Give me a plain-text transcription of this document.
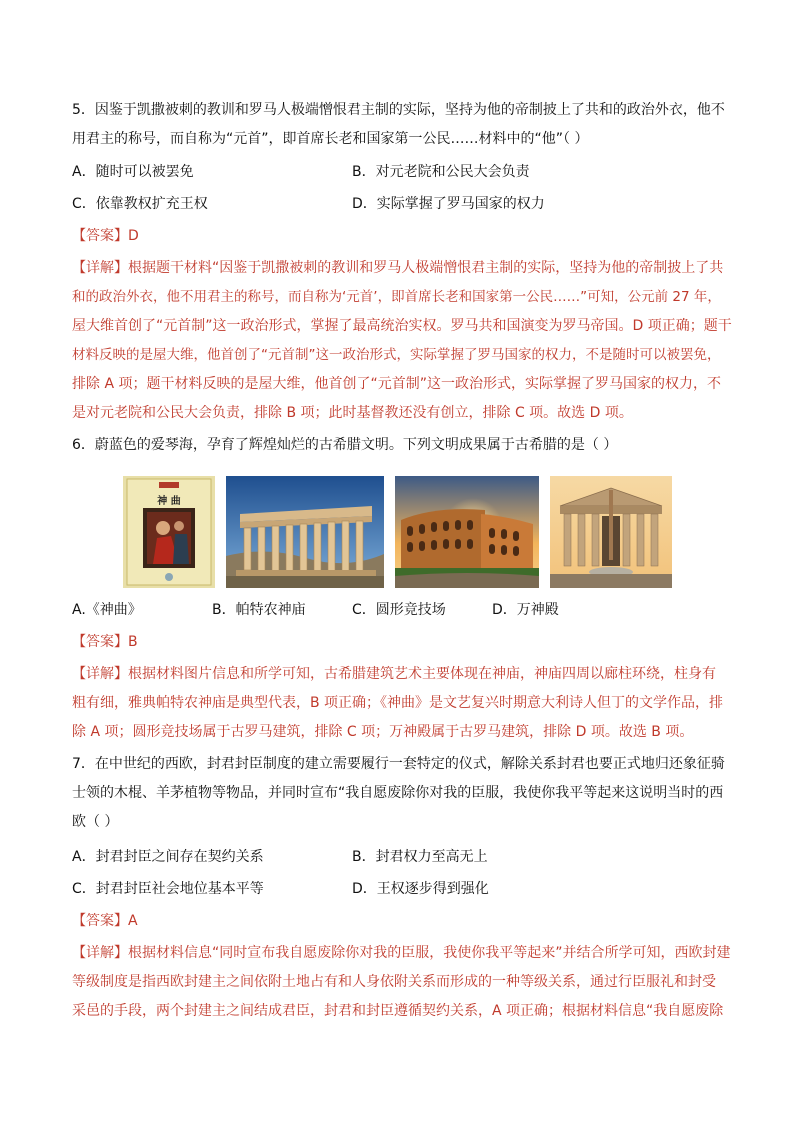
5．因鉴于凯撒被刺的教训和罗马人极端憎恨君主制的实际，坚持为他的帝制披上了共和的政治外衣，他不
用君主的称号，而自称为“元首”，即首席长老和国家第一公民……材料中的“他”（ ）
A．随时可以被罢免	B．对元老院和公民大会负责
C．依靠教权扩充王权	D．实际掌握了罗马国家的权力
【答案】D
【详解】根据题干材料“因鉴于凯撒被刺的教训和罗马人极端憎恨君主制的实际，坚持为他的帝制披上了共
和的政治外衣，他不用君主的称号，而自称为‘元首’，即首席长老和国家第一公民……”可知，公元前 27 年，
屋大维首创了“元首制”这一政治形式，掌握了最高统治实权。罗马共和国演变为罗马帝国。D 项正确；题干
材料反映的是屋大维，他首创了“元首制”这一政治形式，实际掌握了罗马国家的权力，不是随时可以被罢免，
排除 A 项；题干材料反映的是屋大维，他首创了“元首制”这一政治形式，实际掌握了罗马国家的权力，不
是对元老院和公民大会负责，排除 B 项；此时基督教还没有创立，排除 C 项。故选 D 项。
6．蔚蓝色的爱琴海，孕育了辉煌灿烂的古希腊文明。下列文明成果属于古希腊的是（ ）
神 曲
A.《神曲》	B．帕特农神庙	C．圆形竞技场	D．万神殿
【答案】B
【详解】根据材料图片信息和所学可知，古希腊建筑艺术主要体现在神庙，神庙四周以廊柱环绕，柱身有
粗有细，雅典帕特农神庙是典型代表，B 项正确；《神曲》是文艺复兴时期意大利诗人但丁的文学作品，排
除 A 项；圆形竞技场属于古罗马建筑，排除 C 项；万神殿属于古罗马建筑，排除 D 项。故选 B 项。
7．在中世纪的西欧，封君封臣制度的建立需要履行一套特定的仪式，解除关系封君也要正式地归还象征骑
士领的木棍、羊茅植物等物品，并同时宣布“我自愿废除你对我的臣服，我使你我平等起来这说明当时的西
欧（ ）
A．封君封臣之间存在契约关系	B．封君权力至高无上
C．封君封臣社会地位基本平等	D．王权逐步得到强化
【答案】A
【详解】根据材料信息“同时宣布我自愿废除你对我的臣服，我使你我平等起来”并结合所学可知，西欧封建
等级制度是指西欧封建主之间依附土地占有和人身依附关系而形成的一种等级关系，通过行臣服礼和封受
采邑的手段，两个封建主之间结成君臣，封君和封臣遵循契约关系，A 项正确；根据材料信息“我自愿废除
